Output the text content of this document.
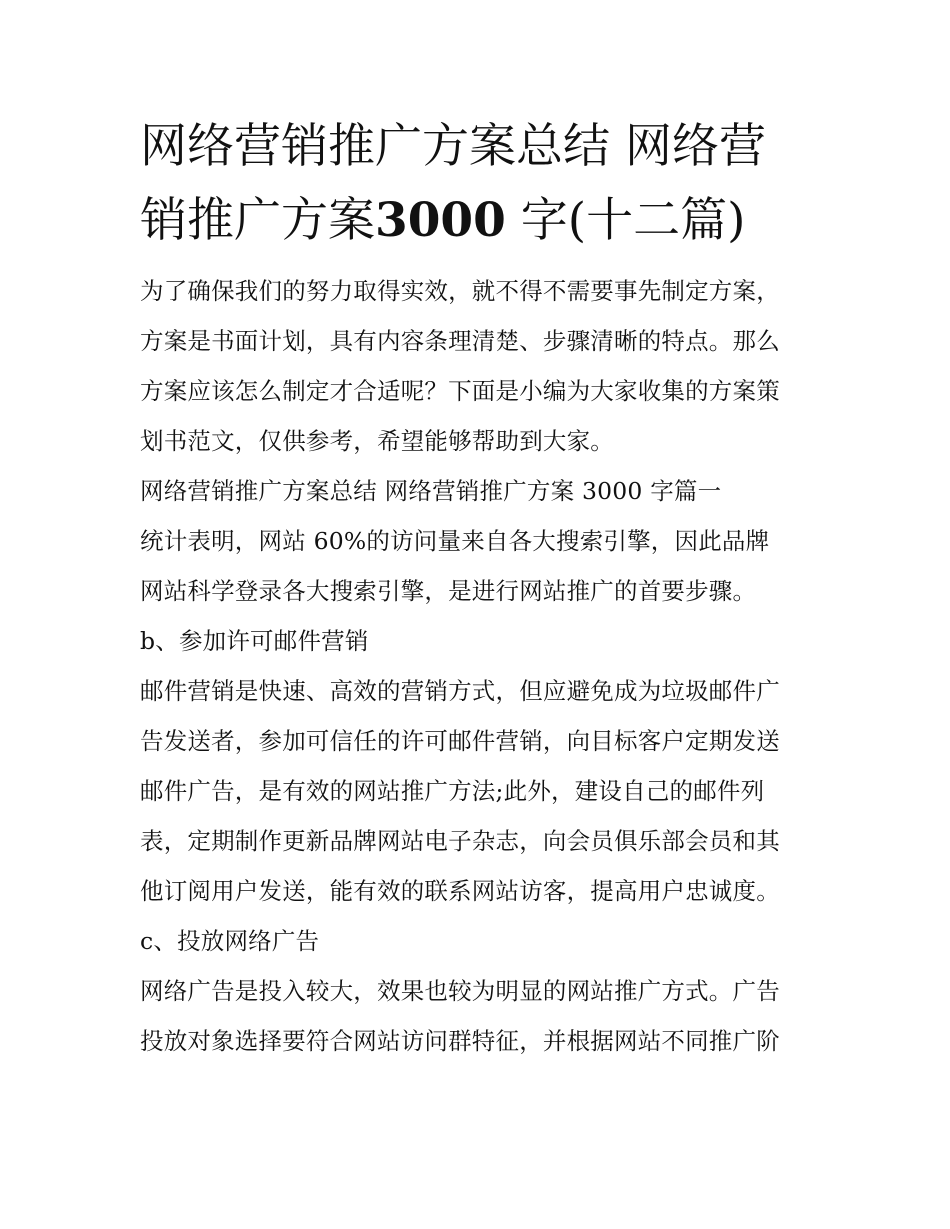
网络营销推广方案总结 网络营
销推广方案3000 字(十二篇)

为了确保我们的努力取得实效，就不得不需要事先制定方案，
方案是书面计划，具有内容条理清楚、步骤清晰的特点。那么
方案应该怎么制定才合适呢？下面是小编为大家收集的方案策
划书范文，仅供参考，希望能够帮助到大家。

网络营销推广方案总结 网络营销推广方案 3000 字篇一

统计表明，网站 60%的访问量来自各大搜索引擎，因此品牌
网站科学登录各大搜索引擎，是进行网站推广的首要步骤。

b、参加许可邮件营销

邮件营销是快速、高效的营销方式，但应避免成为垃圾邮件广
告发送者，参加可信任的许可邮件营销，向目标客户定期发送
邮件广告，是有效的网站推广方法;此外，建设自己的邮件列
表，定期制作更新品牌网站电子杂志，向会员俱乐部会员和其
他订阅用户发送，能有效的联系网站访客，提高用户忠诚度。

c、投放网络广告

网络广告是投入较大，效果也较为明显的网站推广方式。广告
投放对象选择要符合网站访问群特征，并根据网站不同推广阶
